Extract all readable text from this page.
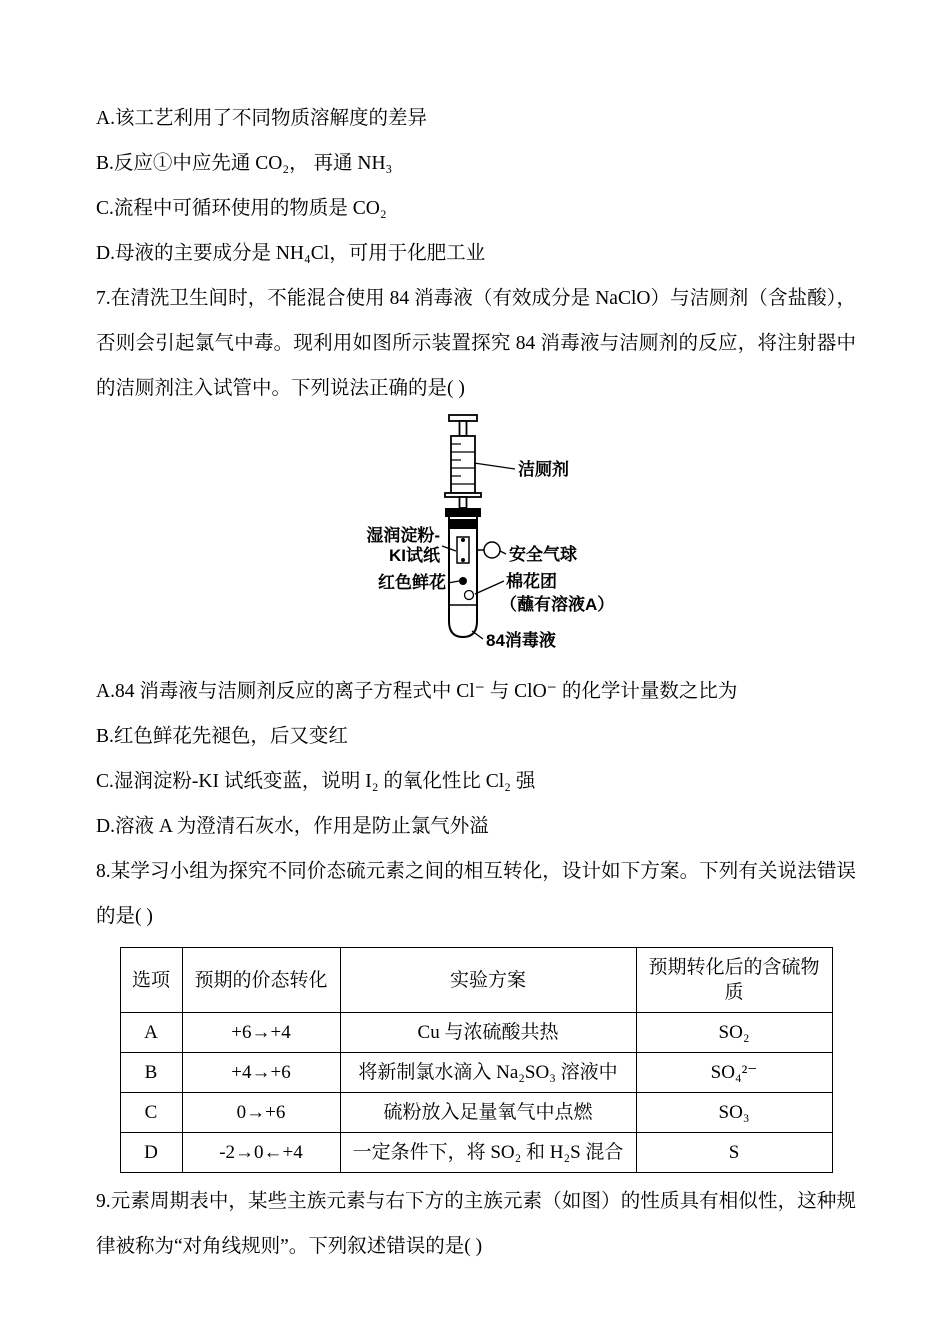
A.该工艺利用了不同物质溶解度的差异
B.反应①中应先通 CO₂， 再通 NH₃
C.流程中可循环使用的物质是 CO₂
D.母液的主要成分是 NH₄Cl，可用于化肥工业

7.在清洗卫生间时，不能混合使用 84 消毒液（有效成分是 NaClO）与洁厕剂（含盐酸），否则会引起氯气中毒。现利用如图所示装置探究 84 消毒液与洁厕剂的反应，将注射器中的洁厕剂注入试管中。下列说法正确的是( )

洁厕剂
湿润淀粉-
KI试纸	安全气球
红色鲜花	棉花团
（蘸有溶液A）
84消毒液
A.84 消毒液与洁厕剂反应的离子方程式中 Cl⁻ 与 ClO⁻ 的化学计量数之比为
B.红色鲜花先褪色，后又变红
C.湿润淀粉-KI 试纸变蓝，说明 I₂ 的氧化性比 Cl₂ 强
D.溶液 A 为澄清石灰水，作用是防止氯气外溢

8.某学习小组为探究不同价态硫元素之间的相互转化，设计如下方案。下列有关说法错误的是( )

选项	预期的价态转化	实验方案	预期转化后的含硫物质
A	+6→+4	Cu 与浓硫酸共热	SO₂
B	+4→+6	将新制氯水滴入 Na₂SO₃ 溶液中	SO₄²⁻
C	0→+6	硫粉放入足量氧气中点燃	SO₃
D	-2→0←+4	一定条件下，将 SO₂ 和 H₂S 混合	S

9.元素周期表中，某些主族元素与右下方的主族元素（如图）的性质具有相似性，这种规律被称为“对角线规则”。下列叙述错误的是( )
